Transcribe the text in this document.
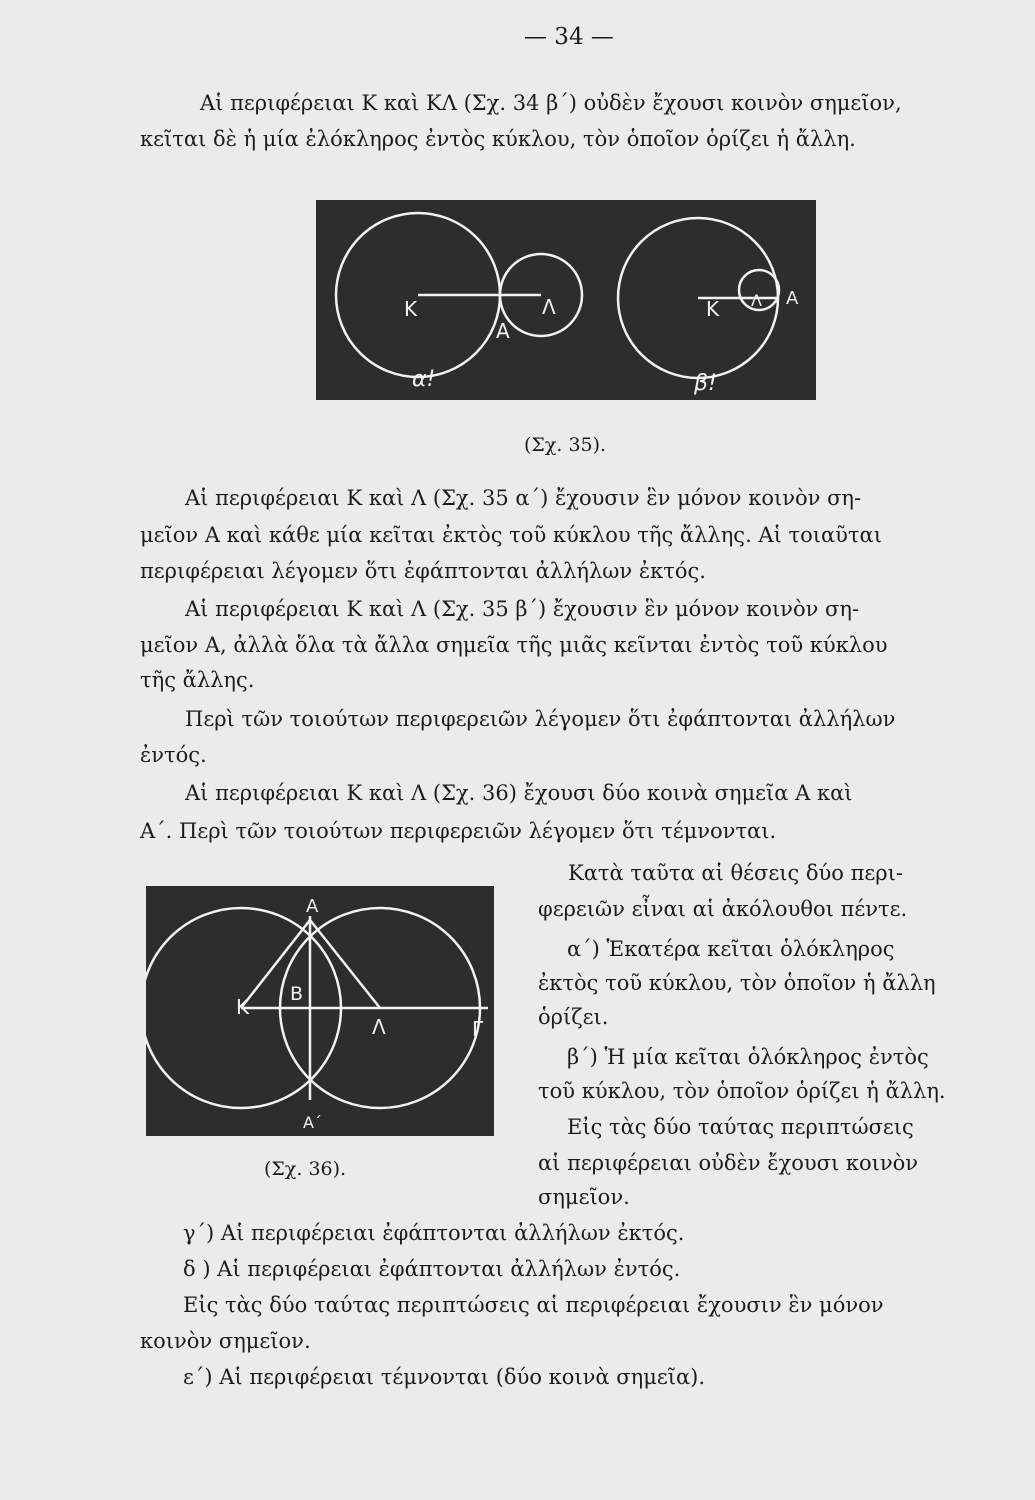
— 34 —
Αἱ περιφέρειαι Κ καὶ ΚΛ (Σχ. 34 β΄) οὐδὲν ἔχουσι κοινὸν σημεῖον,
κεῖται δὲ ἡ μία ἐλόκληρος ἐντὸς κύκλου, τὸν ὁποῖον ὁρίζει ἡ ἄλλη.
Κ	Λ
Α
α!
Κ Λ Α
β!
(Σχ. 35).
Αἱ περιφέρειαι Κ καὶ Λ (Σχ. 35 α΄) ἔχουσιν ἓν μόνον κοινὸν ση-
μεῖον Α καὶ κάθε μία κεῖται ἐκτὸς τοῦ κύκλου τῆς ἄλλης. Αἱ τοιαῦται
περιφέρειαι λέγομεν ὅτι ἐφάπτονται ἀλλήλων ἐκτός.
Αἱ περιφέρειαι Κ καὶ Λ (Σχ. 35 β΄) ἔχουσιν ἓν μόνον κοινὸν ση-
μεῖον Α, ἀλλὰ ὅλα τὰ ἄλλα σημεῖα τῆς μιᾶς κεῖνται ἐντὸς τοῦ κύκλου
τῆς ἄλλης.
Περὶ τῶν τοιούτων περιφερειῶν λέγομεν ὅτι ἐφάπτονται ἀλλήλων
ἐντός.
Αἱ περιφέρειαι Κ καὶ Λ (Σχ. 36) ἔχουσι δύο κοινὰ σημεῖα Α καὶ
Α΄. Περὶ τῶν τοιούτων περιφερειῶν λέγομεν ὅτι τέμνονται.
Α
Κ
Β
Λ	Γ
Α΄
(Σχ. 36).
Κατὰ ταῦτα αἱ θέσεις δύο περι-
φερειῶν εἶναι αἱ ἀκόλουθοι πέντε.
α΄) Ἑκατέρα κεῖται ὁλόκληρος
ἐκτὸς τοῦ κύκλου, τὸν ὁποῖον ἡ ἄλλη
ὁρίζει.
β΄) Ἡ μία κεῖται ὁλόκληρος ἐντὸς
τοῦ κύκλου, τὸν ὁποῖον ὁρίζει ἡ ἄλλη.
Εἰς τὰς δύο ταύτας περιπτώσεις
αἱ περιφέρειαι οὐδὲν ἔχουσι κοινὸν
σημεῖον.
γ΄) Αἱ περιφέρειαι ἐφάπτονται ἀλλήλων ἐκτός.
δ ) Αἱ περιφέρειαι ἐφάπτονται ἀλλήλων ἐντός.
Εἰς τὰς δύο ταύτας περιπτώσεις αἱ περιφέρειαι ἔχουσιν ἓν μόνον
κοινὸν σημεῖον.
ε΄) Αἱ περιφέρειαι τέμνονται (δύο κοινὰ σημεῖα).
